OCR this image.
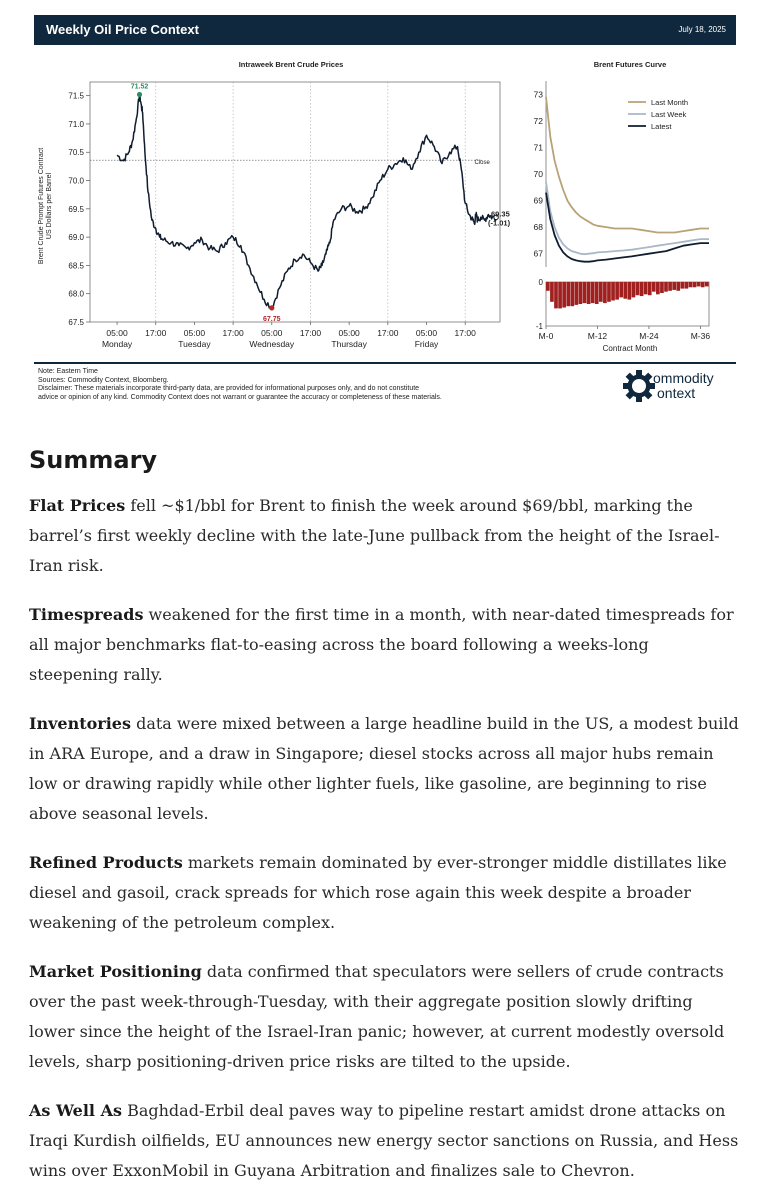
Weekly Oil Price Context	July 18, 2025
Intraweek Brent Crude Prices
Brent Crude Prompt Futures Contract US Dollars per Barrel
67.5
68.0
68.5
69.0
69.5
70.0
70.5
71.0
71.5
05:00
Monday
17:00 05:00
Tuesday
17:00 05:00
Wednesday
17:00 05:00
Thursday
17:00 05:00
Friday
17:00
Close
71.52
67.75
69.35
(-1.01)
Brent Futures Curve
67
68
69
70
71
72
73
Last Month
Last Week
Latest
0
-1
M-0	M-12	M-24	M-36
Contract Month
Note: Eastern Time
Sources: Commodity Context, Bloomberg.
Disclaimer: These materials incorporate third-party data, are provided for informational purposes only, and do not constitute
advice or opinion of any kind. Commodity Context does not warrant or guarantee the accuracy or completeness of these materials.
ommodity
ontext
Summary
Flat Prices fell ~$1/bbl for Brent to finish the week around $69/bbl, marking the barrel’s first weekly decline with the late-June pullback from the height of the Israel-Iran risk.
Timespreads weakened for the first time in a month, with near-dated timespreads for all major benchmarks flat-to-easing across the board following a weeks-long steepening rally.
Inventories data were mixed between a large headline build in the US, a modest build in ARA Europe, and a draw in Singapore; diesel stocks across all major hubs remain low or drawing rapidly while other lighter fuels, like gasoline, are beginning to rise above seasonal levels.
Refined Products markets remain dominated by ever-stronger middle distillates like diesel and gasoil, crack spreads for which rose again this week despite a broader weakening of the petroleum complex.
Market Positioning data confirmed that speculators were sellers of crude contracts over the past week-through-Tuesday, with their aggregate position slowly drifting lower since the height of the Israel-Iran panic; however, at current modestly oversold levels, sharp positioning-driven price risks are tilted to the upside.
As Well As Baghdad-Erbil deal paves way to pipeline restart amidst drone attacks on Iraqi Kurdish oilfields, EU announces new energy sector sanctions on Russia, and Hess wins over ExxonMobil in Guyana Arbitration and finalizes sale to Chevron.
